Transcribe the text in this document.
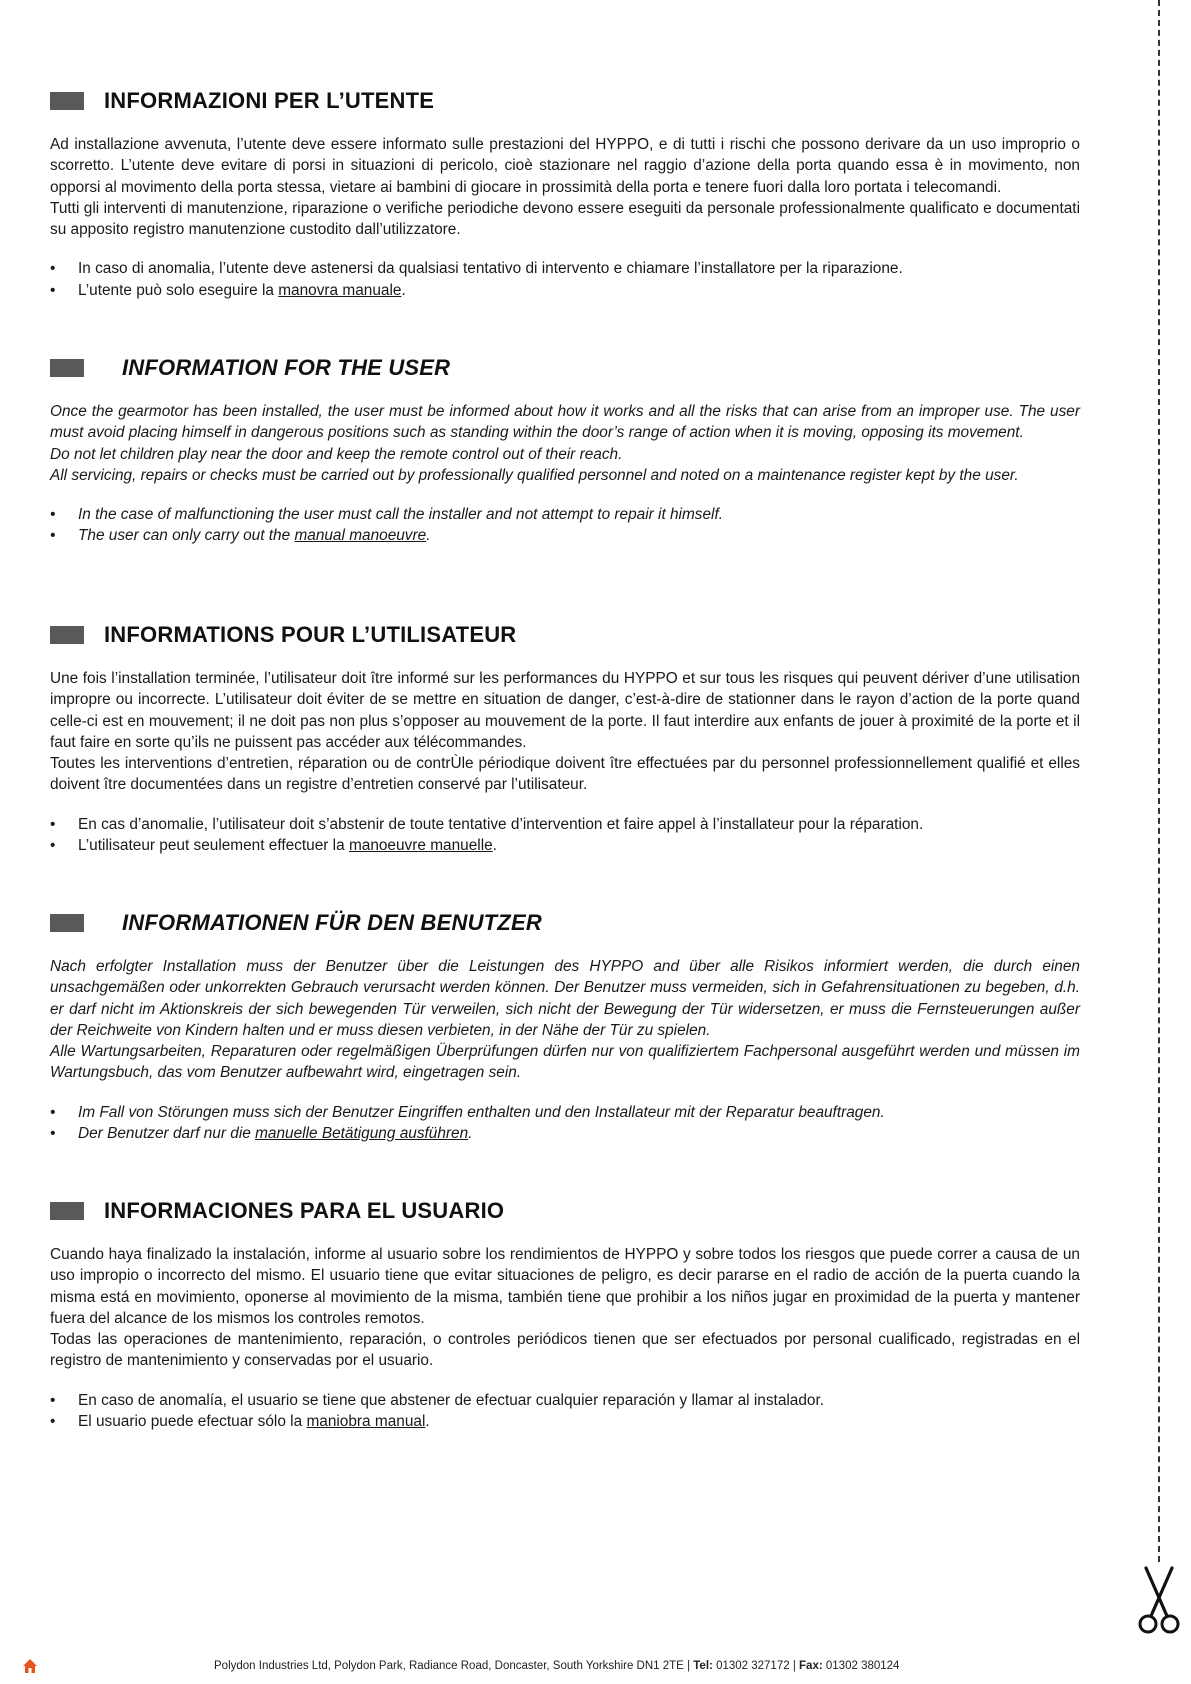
INFORMAZIONI PER L’UTENTE

Ad installazione avvenuta, l’utente deve essere informato sulle prestazioni del HYPPO, e di tutti i rischi che possono derivare da un uso improprio o scorretto. L’utente deve evitare di porsi in situazioni di pericolo, cioè stazionare nel raggio d’azione della porta quando essa è in movimento, non opporsi al movimento della porta stessa, vietare ai bambini di giocare in prossimità della porta e tenere fuori dalla loro portata i telecomandi.

Tutti gli interventi di manutenzione, riparazione o verifiche periodiche devono essere eseguiti da personale professionalmente qualificato e documentati su apposito registro manutenzione custodito dall’utilizzatore.

• In caso di anomalia, l’utente deve astenersi da qualsiasi tentativo di intervento e chiamare l’installatore per la riparazione.
• L’utente può solo eseguire la manovra manuale.
INFORMATION FOR THE USER

Once the gearmotor has been installed, the user must be informed about how it works and all the risks that can arise from an improper use. The user must avoid placing himself in dangerous positions such as standing within the door’s range of action when it is moving, opposing its movement.

Do not let children play near the door and keep the remote control out of their reach.

All servicing, repairs or checks must be carried out by professionally qualified personnel and noted on a maintenance register kept by the user.

• In the case of malfunctioning the user must call the installer and not attempt to repair it himself.
• The user can only carry out the manual manoeuvre.
INFORMATIONS POUR L’UTILISATEUR

Une fois l’installation terminée, l’utilisateur doit ître informé sur les performances du HYPPO et sur tous les risques qui peuvent dériver d’une utilisation impropre ou incorrecte. L’utilisateur doit éviter de se mettre en situation de danger, c’est-à-dire de stationner dans le rayon d’action de la porte quand celle-ci est en mouvement; il ne doit pas non plus s’opposer au mouvement de la porte. Il faut interdire aux enfants de jouer à proximité de la porte et il faut faire en sorte qu’ils ne puissent pas accéder aux télécommandes.

Toutes les interventions d’entretien, réparation ou de contrÙle périodique doivent ître effectuées par du personnel professionnellement qualifié et elles doivent ître documentées dans un registre d’entretien conservé par l’utilisateur.

• En cas d’anomalie, l’utilisateur doit s’abstenir de toute tentative d’intervention et faire appel à l’installateur pour la réparation.
• L’utilisateur peut seulement effectuer la manoeuvre manuelle.
INFORMATIONEN FÜR DEN BENUTZER

Nach erfolgter Installation muss der Benutzer über die Leistungen des HYPPO and über alle Risikos informiert werden, die durch einen unsachgemäßen oder unkorrekten Gebrauch verursacht werden können. Der Benutzer muss vermeiden, sich in Gefahrensituationen zu begeben, d.h. er darf nicht im Aktionskreis der sich bewegenden Tür verweilen, sich nicht der Bewegung der Tür widersetzen, er muss die Fernsteuerungen außer der Reichweite von Kindern halten und er muss diesen verbieten, in der Nähe der Tür zu spielen.

Alle Wartungsarbeiten, Reparaturen oder regelmäßigen Überprüfungen dürfen nur von qualifiziertem Fachpersonal ausgeführt werden und müssen im Wartungsbuch, das vom Benutzer aufbewahrt wird, eingetragen sein.

• Im Fall von Störungen muss sich der Benutzer Eingriffen enthalten und den Installateur mit der Reparatur beauftragen.
• Der Benutzer darf nur die manuelle Betätigung ausführen.
INFORMACIONES PARA EL USUARIO

Cuando haya finalizado la instalación, informe al usuario sobre los rendimientos de HYPPO y sobre todos los riesgos que puede correr a causa de un uso impropio o incorrecto del mismo. El usuario tiene que evitar situaciones de peligro, es decir pararse en el radio de acción de la puerta cuando la misma está en movimiento, oponerse al movimiento de la misma, también tiene que prohibir a los niños jugar en proximidad de la puerta y mantener fuera del alcance de los mismos los controles remotos.

Todas las operaciones de mantenimiento, reparación, o controles periódicos tienen que ser efectuados por personal cualificado, registradas en el registro de mantenimiento y conservadas por el usuario.

• En caso de anomalía, el usuario se tiene que abstener de efectuar cualquier reparación y llamar al instalador.
• El usuario puede efectuar sólo la maniobra manual.
Polydon Industries Ltd, Polydon Park, Radiance Road, Doncaster, South Yorkshire DN1 2TE | Tel: 01302 327172 | Fax: 01302 380124
